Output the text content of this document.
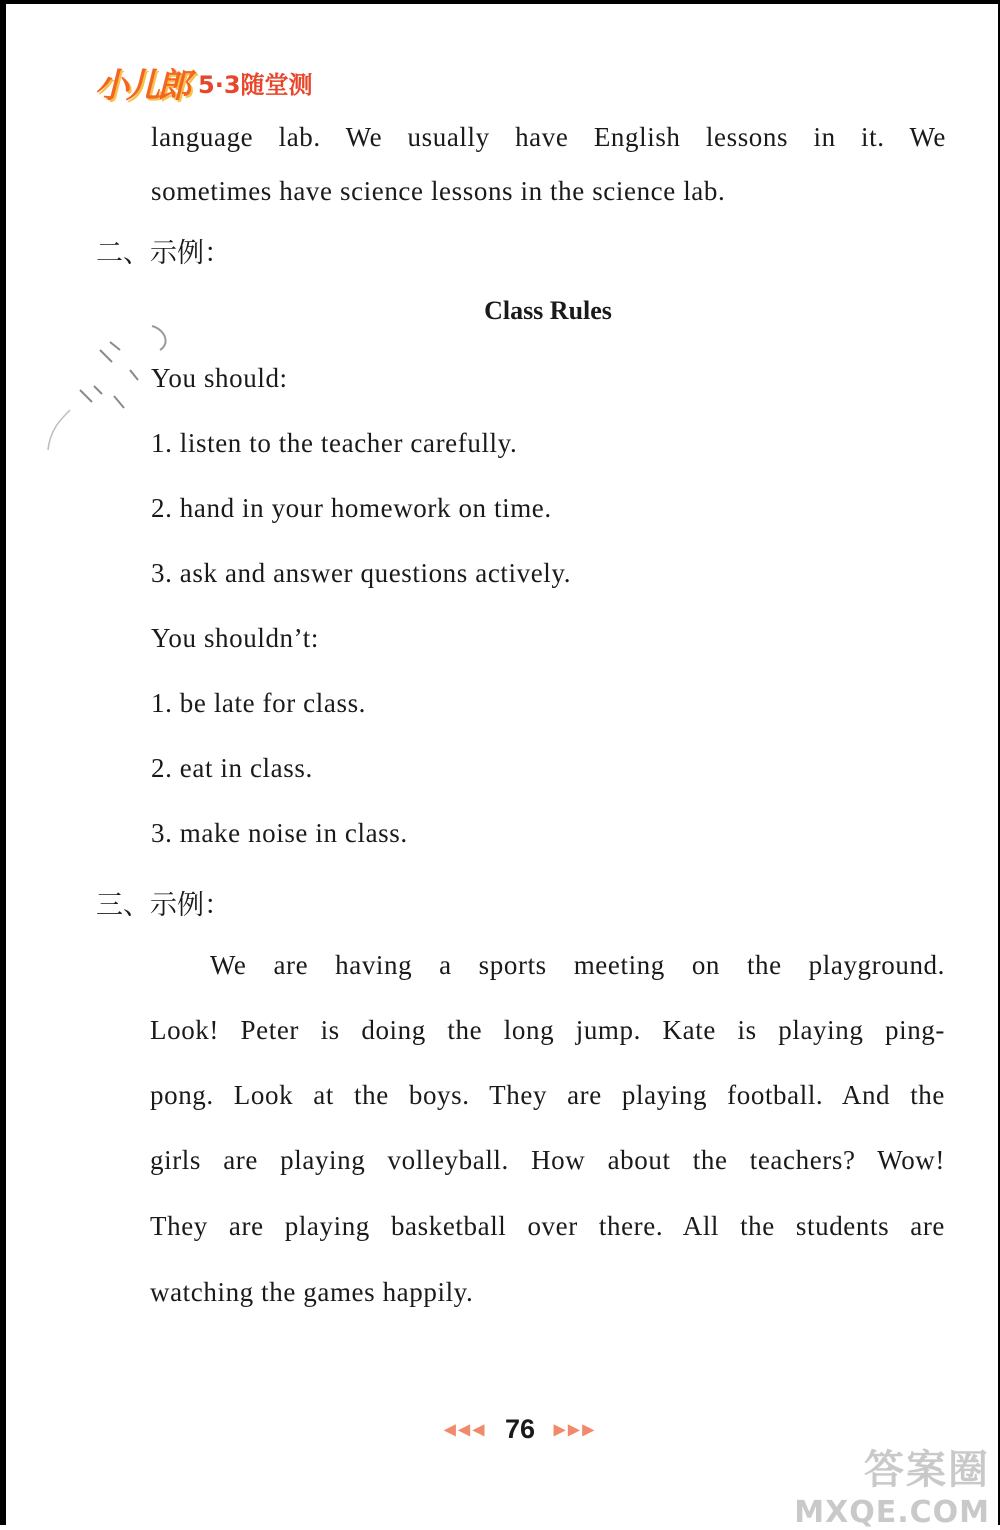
小儿郎 5·3随堂测
language lab. We usually have English lessons in it. We
sometimes have science lessons in the science lab.
二、示例：
Class Rules
You should:
1. listen to the teacher carefully.
2. hand in your homework on time.
3. ask and answer questions actively.
You shouldn’t:
1. be late for class.
2. eat in class.
3. make noise in class.
三、示例：
We are having a sports meeting on the playground.
Look! Peter is doing the long jump. Kate is playing ping-
pong. Look at the boys. They are playing football. And the
girls are playing volleyball. How about the teachers? Wow!
They are playing basketball over there. All the students are
watching the games happily.
◀◀◀ 76 ▶▶▶
答案圈
MXQE.COM
